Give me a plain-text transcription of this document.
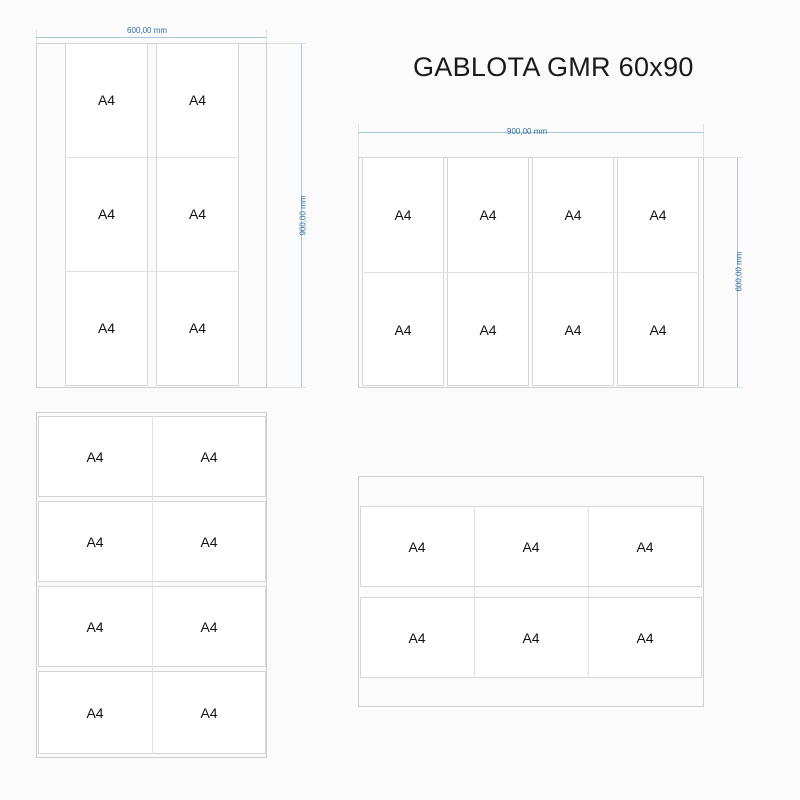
GABLOTA GMR 60x90
600,00 mm
900,00 mm
A4	A4
A4	A4
A4	A4
900,00 mm
600,00 mm
A4	A4	A4	A4
A4	A4	A4	A4
A4	A4
A4	A4
A4	A4
A4	A4
A4	A4	A4
A4	A4	A4
